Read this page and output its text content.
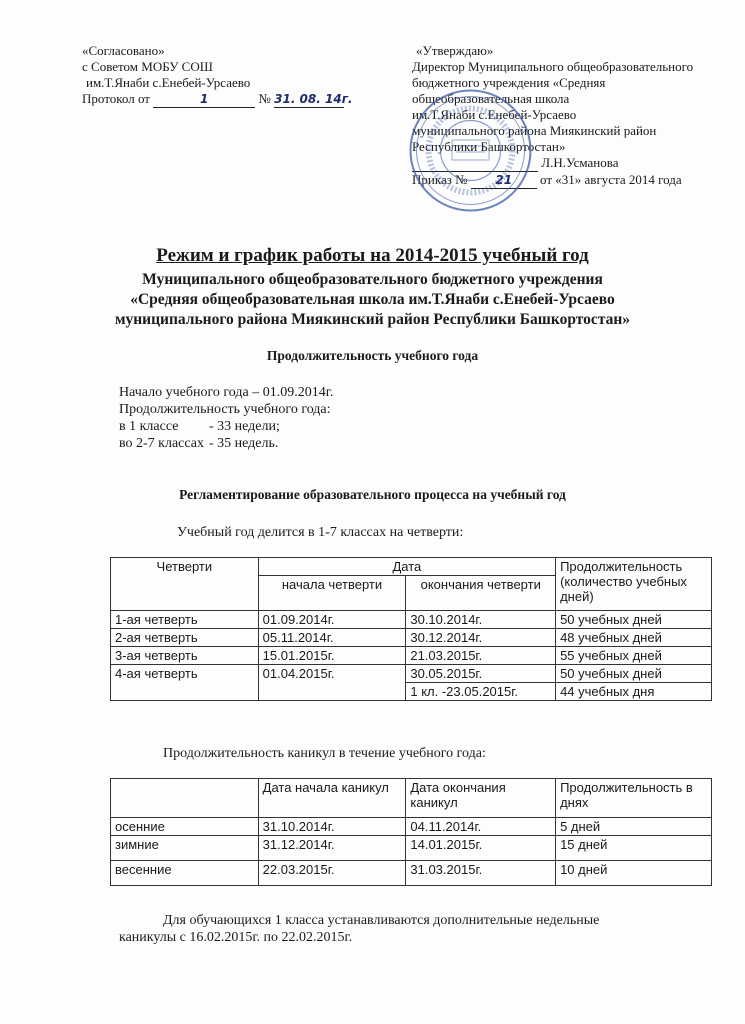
«Согласовано»
с Советом МОБУ СОШ
им.Т.Янаби с.Енебей-Урсаево
Протокол от	1	№ 31. 08. 14г.
«Утверждаю»
Директор Муниципального общеобразовательного
бюджетного учреждения «Средняя
общеобразовательная школа
им.Т.Янаби с.Енебей-Урсаево
муниципального района Миякинский район
Республики Башкортостан»
Л.Н.Усманова
Приказ № 21 от «31» августа 2014 года
Режим и график работы на 2014-2015 учебный год
Муниципального общеобразовательного бюджетного учреждения
«Средняя общеобразовательная школа им.Т.Янаби с.Енебей-Урсаево
муниципального района Миякинский район Республики Башкортостан»
Продолжительность учебного года
Начало учебного года – 01.09.2014г.
Продолжительность учебного года:
в 1 классе - 33 недели;
во 2-7 классах - 35 недель.
Регламентирование образовательного процесса на учебный год
Учебный год делится в 1-7 классах на четверти:
Четверти	Дата		Продолжительность (количество учебных дней)
	начала четверти	окончания четверти	
1-ая четверть	01.09.2014г.	30.10.2014г.	50 учебных дней
2-ая четверть	05.11.2014г.	30.12.2014г.	48 учебных дней
3-ая четверть	15.01.2015г.	21.03.2015г.	55 учебных дней
4-ая четверть	01.04.2015г.	30.05.2015г.	50 учебных дней
		1 кл. -23.05.2015г.	44 учебных дня
Продолжительность каникул в течение учебного года:
	Дата начала каникул	Дата окончания каникул	Продолжительность в днях
осенние	31.10.2014г.	04.11.2014г.	5 дней
зимние	31.12.2014г.	14.01.2015г.	15 дней
весенние	22.03.2015г.	31.03.2015г.	10 дней
Для обучающихся 1 класса устанавливаются дополнительные недельные
каникулы с 16.02.2015г. по 22.02.2015г.
